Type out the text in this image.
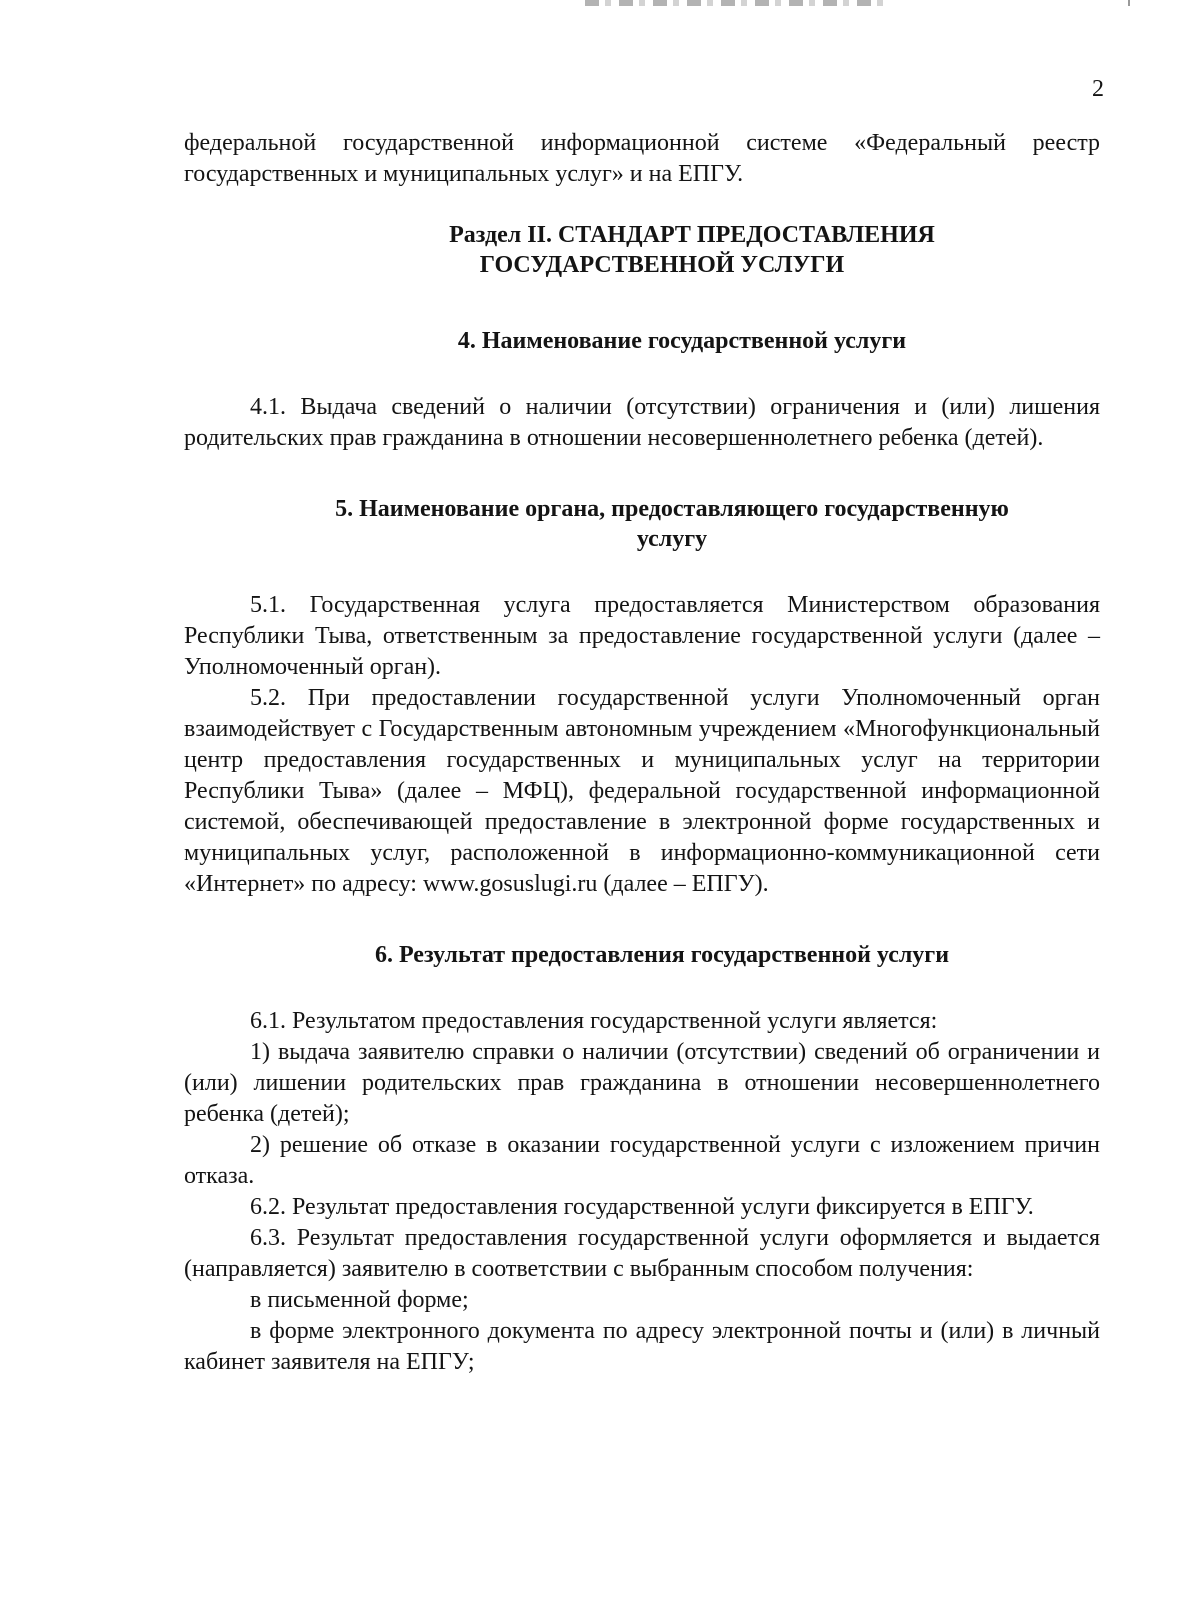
2

федеральной государственной информационной системе «Федеральный реестр государственных и муниципальных услуг» и на ЕПГУ.

Раздел II. СТАНДАРТ ПРЕДОСТАВЛЕНИЯ
ГОСУДАРСТВЕННОЙ УСЛУГИ
4. Наименование государственной услуги

4.1. Выдача сведений о наличии (отсутствии) ограничения и (или) лишения родительских прав гражданина в отношении несовершеннолетнего ребенка (детей).

5. Наименование органа, предоставляющего государственную
услугу

5.1. Государственная услуга предоставляется Министерством образования Республики Тыва, ответственным за предоставление государственной услуги (далее – Уполномоченный орган).

5.2. При предоставлении государственной услуги Уполномоченный орган взаимодействует с Государственным автономным учреждением «Многофункциональный центр предоставления государственных и муниципальных услуг на территории Республики Тыва» (далее – МФЦ), федеральной государственной информационной системой, обеспечивающей предоставление в электронной форме государственных и муниципальных услуг, расположенной в информационно-коммуникационной сети «Интернет» по адресу: www.gosuslugi.ru (далее – ЕПГУ).

6. Результат предоставления государственной услуги

6.1. Результатом предоставления государственной услуги является:

1) выдача заявителю справки о наличии (отсутствии) сведений об ограничении и (или) лишении родительских прав гражданина в отношении несовершеннолетнего ребенка (детей);

2) решение об отказе в оказании государственной услуги с изложением причин отказа.

6.2. Результат предоставления государственной услуги фиксируется в ЕПГУ.

6.3. Результат предоставления государственной услуги оформляется и выдается (направляется) заявителю в соответствии с выбранным способом получения:

в письменной форме;

в форме электронного документа по адресу электронной почты и (или) в личный кабинет заявителя на ЕПГУ;
